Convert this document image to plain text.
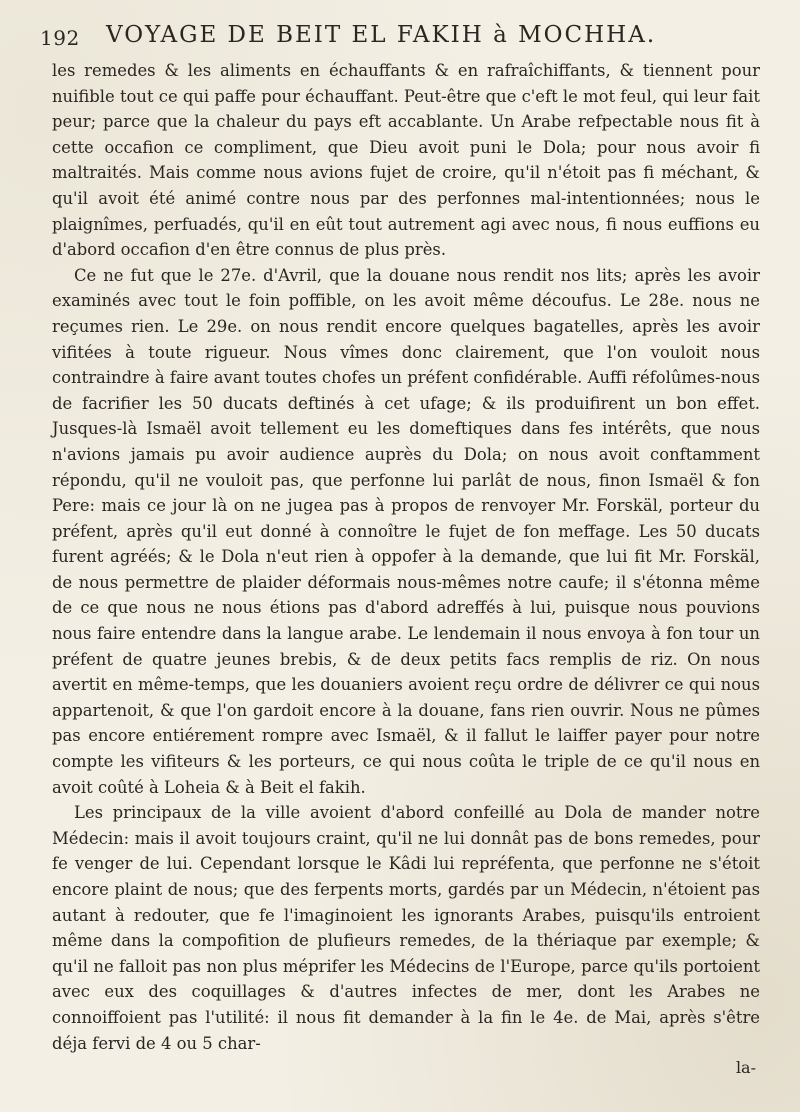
192 VOYAGE DE BEIT EL FAKIH à MOCHHA.

les remedes & les aliments en échauffants & en rafraîchiffants, & tiennent pour nuifible tout ce qui paffe pour échauffant. Peut-être que c'eft le mot feul, qui leur fait peur; parce que la chaleur du pays eft accablante. Un Arabe refpectable nous fit à cette occafion ce compliment, que Dieu avoit puni le Dola; pour nous avoir fi maltraités. Mais comme nous avions fujet de croire, qu'il n'étoit pas fi méchant, & qu'il avoit été animé contre nous par des perfonnes mal-intentionnées; nous le plaignîmes, perfuadés, qu'il en eût tout autrement agi avec nous, fi nous euffions eu d'abord occafion d'en être connus de plus près.

Ce ne fut que le 27e. d'Avril, que la douane nous rendit nos lits; après les avoir examinés avec tout le foin poffible, on les avoit même découfus. Le 28e. nous ne reçumes rien. Le 29e. on nous rendit encore quelques bagatelles, après les avoir vifitées à toute rigueur. Nous vîmes donc clairement, que l'on vouloit nous contraindre à faire avant toutes chofes un préfent confidérable. Auffi réfolûmes-nous de facrifier les 50 ducats deftinés à cet ufage; & ils produifirent un bon effet. Jusques-là Ismaël avoit tellement eu les domeftiques dans fes intérêts, que nous n'avions jamais pu avoir audience auprès du Dola; on nous avoit conftamment répondu, qu'il ne vouloit pas, que perfonne lui parlât de nous, finon Ismaël & fon Pere: mais ce jour là on ne jugea pas à propos de renvoyer Mr. Forskäl, porteur du préfent, après qu'il eut donné à connoître le fujet de fon meffage. Les 50 ducats furent agréés; & le Dola n'eut rien à oppofer à la demande, que lui fit Mr. Forskäl, de nous permettre de plaider déformais nous-mêmes notre caufe; il s'étonna même de ce que nous ne nous étions pas d'abord adreffés à lui, puisque nous pouvions nous faire entendre dans la langue arabe. Le lendemain il nous envoya à fon tour un préfent de quatre jeunes brebis, & de deux petits facs remplis de riz. On nous avertit en même-temps, que les douaniers avoient reçu ordre de délivrer ce qui nous appartenoit, & que l'on gardoit encore à la douane, fans rien ouvrir. Nous ne pûmes pas encore entiérement rompre avec Ismaël, & il fallut le laiffer payer pour notre compte les vifiteurs & les porteurs, ce qui nous coûta le triple de ce qu'il nous en avoit coûté à Loheia & à Beit el fakih.

Les principaux de la ville avoient d'abord confeillé au Dola de mander notre Médecin: mais il avoit toujours craint, qu'il ne lui donnât pas de bons remedes, pour fe venger de lui. Cependant lorsque le Kâdi lui repréfenta, que perfonne ne s'étoit encore plaint de nous; que des ferpents morts, gardés par un Médecin, n'étoient pas autant à redouter, que fe l'imaginoient les ignorants Arabes, puisqu'ils entroient même dans la compofition de plufieurs remedes, de la thériaque par exemple; & qu'il ne falloit pas non plus méprifer les Médecins de l'Europe, parce qu'ils portoient avec eux des coquillages & d'autres infectes de mer, dont les Arabes ne connoiffoient pas l'utilité: il nous fit demander à la fin le 4e. de Mai, après s'être déja fervi de 4 ou 5 char-

la-
